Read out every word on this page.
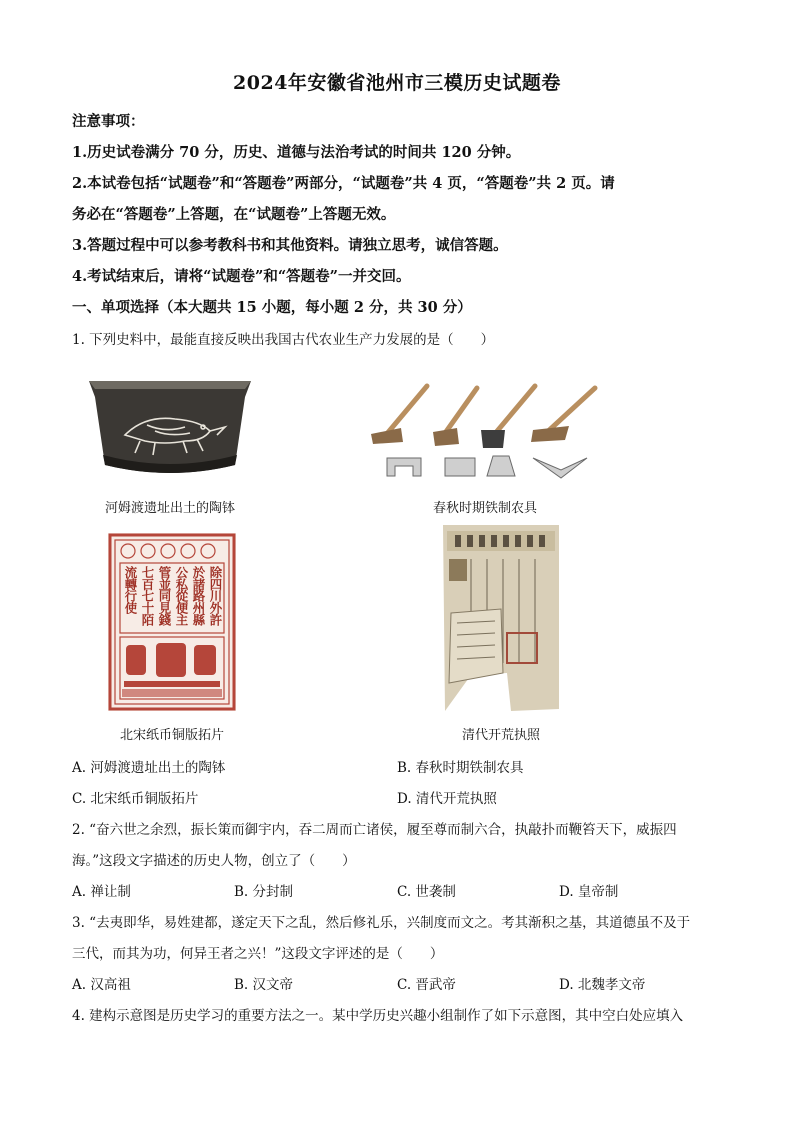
2024年安徽省池州市三模历史试题卷
注意事项：
1.历史试卷满分 70 分，历史、道德与法治考试的时间共 120 分钟。
2.本试卷包括“试题卷”和“答题卷”两部分，“试题卷”共 4 页，“答题卷”共 2 页。请
务必在“答题卷”上答题，在“试题卷”上答题无效。
3.答题过程中可以参考教科书和其他资料。请独立思考，诚信答题。
4.考试结束后，请将“试题卷”和“答题卷”一并交回。
一、单项选择（本大题共 15 小题，每小题 2 分，共 30 分）
1. 下列史料中，最能直接反映出我国古代农业生产力发展的是（　　）
河姆渡遗址出土的陶钵	春秋时期铁制农具
除四川外許於諸路州縣公私從便主管並同見錢七百七十陌流轉行使
北宋纸币铜版拓片	清代开荒执照
A. 河姆渡遗址出土的陶钵	B. 春秋时期铁制农具
C. 北宋纸币铜版拓片	D. 清代开荒执照
2. “奋六世之余烈，振长策而御宇内，吞二周而亡诸侯，履至尊而制六合，执敲扑而鞭笞天下，威振四
海。”这段文字描述的历史人物，创立了（　　）
A. 禅让制	B. 分封制	C. 世袭制	D. 皇帝制
3. “去夷即华，易姓建都，遂定天下之乱，然后修礼乐，兴制度而文之。考其渐积之基，其道德虽不及于
三代，而其为功，何异王者之兴！”这段文字评述的是（　　）
A. 汉高祖	B. 汉文帝	C. 晋武帝	D. 北魏孝文帝
4. 建构示意图是历史学习的重要方法之一。某中学历史兴趣小组制作了如下示意图，其中空白处应填入
